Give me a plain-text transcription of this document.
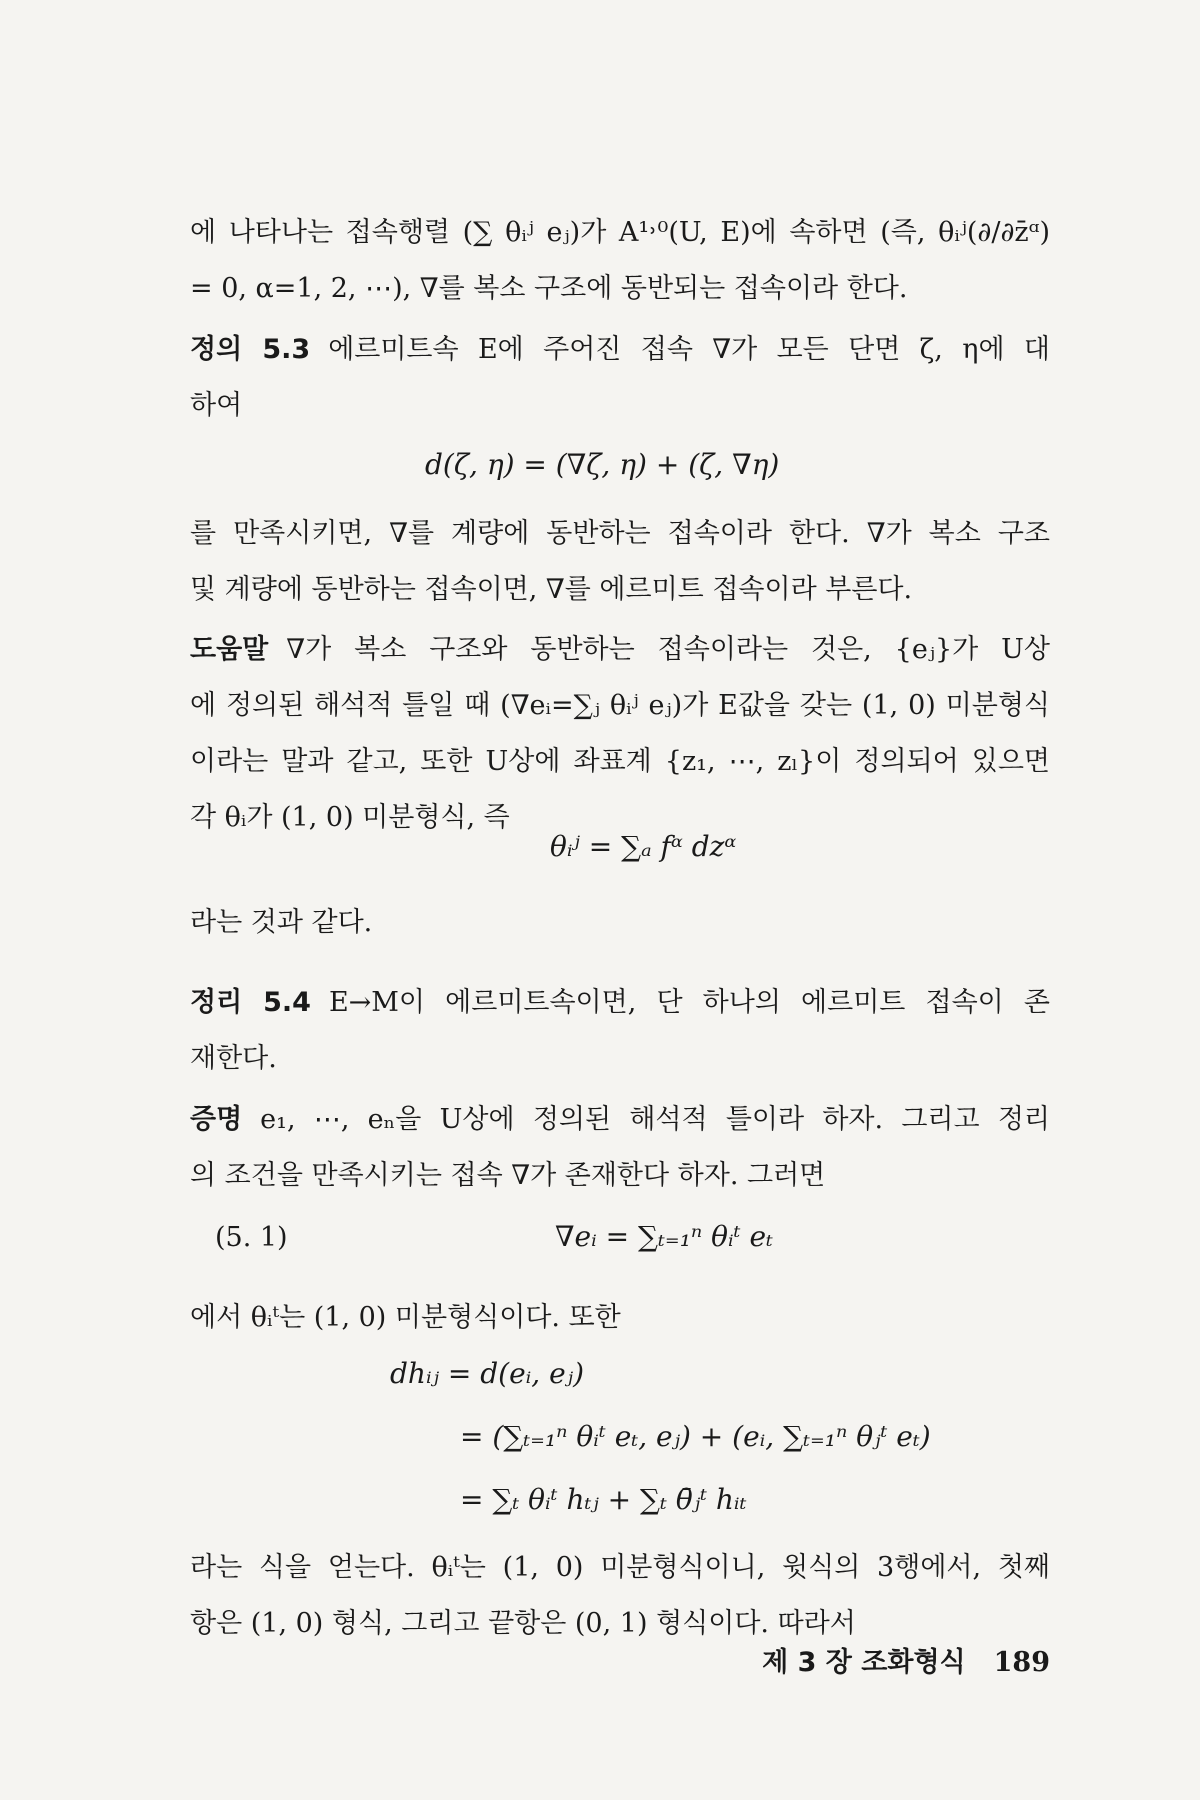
에 나타나는 접속행렬 (∑ θᵢʲ eⱼ)가 A¹˒⁰(U, E)에 속하면 (즉, θᵢʲ(∂/∂z̄ᵅ)
= 0, α=1, 2, ⋯), ∇를 복소 구조에 동반되는 접속이라 한다.
정의 5.3 에르미트속 E에 주어진 접속 ∇가 모든 단면 ζ, η에 대
하여
d(ζ, η) = (∇ζ, η) + (ζ, ∇η)
를 만족시키면, ∇를 계량에 동반하는 접속이라 한다. ∇가 복소 구조
및 계량에 동반하는 접속이면, ∇를 에르미트 접속이라 부른다.
도움말 ∇가 복소 구조와 동반하는 접속이라는 것은, {eⱼ}가 U상
에 정의된 해석적 틀일 때 (∇eᵢ=∑ⱼ θᵢʲ eⱼ)가 E값을 갖는 (1, 0) 미분형식
이라는 말과 같고, 또한 U상에 좌표계 {z₁, ⋯, zₗ}이 정의되어 있으면
각 θᵢ가 (1, 0) 미분형식, 즉
θᵢʲ = ∑ₐ fᵅ dzᵅ
라는 것과 같다.
정리 5.4 E→M이 에르미트속이면, 단 하나의 에르미트 접속이 존
재한다.
증명 e₁, ⋯, eₙ을 U상에 정의된 해석적 틀이라 하자. 그리고 정리
의 조건을 만족시키는 접속 ∇가 존재한다 하자. 그러면
(5. 1)	∇eᵢ = ∑ₜ₌₁ⁿ θᵢᵗ eₜ
에서 θᵢᵗ는 (1, 0) 미분형식이다. 또한
dhᵢⱼ = d(eᵢ, eⱼ)
= (∑ₜ₌₁ⁿ θᵢᵗ eₜ, eⱼ) + (eᵢ, ∑ₜ₌₁ⁿ θⱼᵗ eₜ)
= ∑ₜ θᵢᵗ hₜⱼ + ∑ₜ θ̄ⱼᵗ hᵢₜ
라는 식을 얻는다. θᵢᵗ는 (1, 0) 미분형식이니, 윗식의 3행에서, 첫째
항은 (1, 0) 형식, 그리고 끝항은 (0, 1) 형식이다. 따라서
제 3 장 조화형식 189
